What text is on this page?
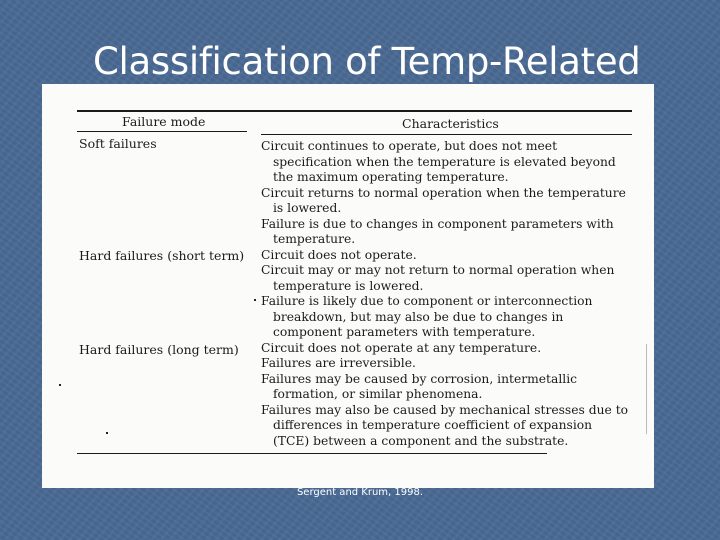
Classification of Temp-Related
Failure mode	Characteristics
Soft failures
Hard failures (short term)
Hard failures (long term)
Circuit continues to operate, but does not meet specification when the temperature is elevated beyond the maximum operating temperature.
Circuit returns to normal operation when the temperature is lowered.
Failure is due to changes in component parameters with temperature.
Circuit does not operate.
Circuit may or may not return to normal operation when temperature is lowered.
Failure is likely due to component or interconnection breakdown, but may also be due to changes in component parameters with temperature.
Circuit does not operate at any temperature.
Failures are irreversible.
Failures may be caused by corrosion, intermetallic formation, or similar phenomena.
Failures may also be caused by mechanical stresses due to differences in temperature coefficient of expansion (TCE) between a component and the substrate.
Sergent and Krum, 1998.
